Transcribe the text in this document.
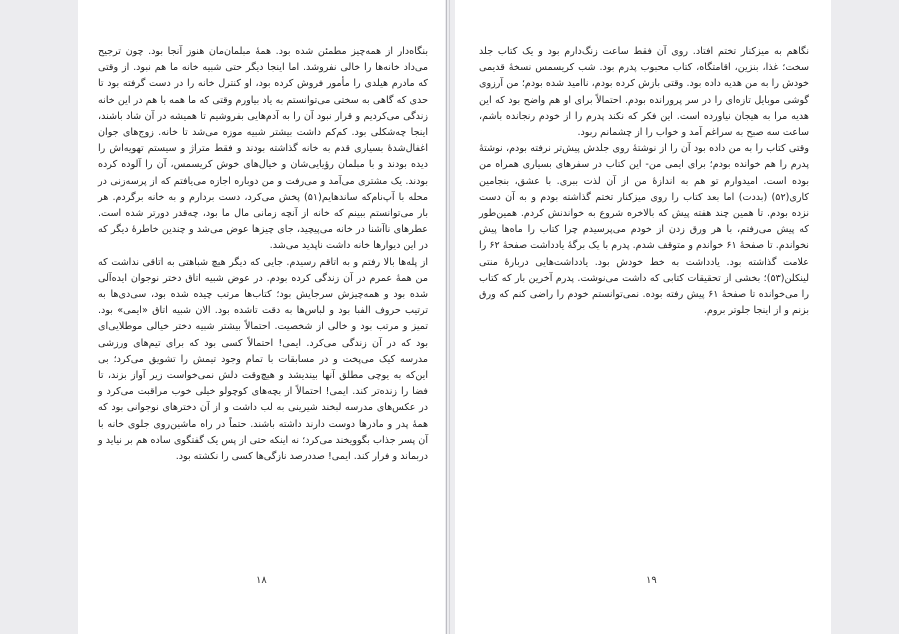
بنگاه‌دار از همه‌چیز مطمئن شده بود. همهٔ مبلمان‌مان هنوز آنجا بود. چون ترجیح می‌داد خانه‌ها را خالی نفروشد. اما اینجا دیگر حتی شبیه خانه ما هم نبود. از وقتی که مادرم هیلدی را مأمور فروش کرده بود، او کنترل خانه را در دست گرفته بود تا حدی که گاهی به سختی می‌توانستم به یاد بیاورم وقتی که ما همه با هم در این خانه زندگی می‌کردیم و قرار نبود آن را به آدم‌هایی بفروشیم تا همیشه در آن شاد باشند، اینجا چه‌شکلی بود. کم‌کم داشت بیشتر شبیه موزه می‌شد تا خانه. زوج‌های جوان اغفال‌شدهٔ بسیاری قدم به خانه گذاشته بودند و فقط متراژ و سیستم تهویه‌اش را دیده بودند و با مبلمان رؤیایی‌شان و خیال‌های خوش کریسمس، آن را آلوده کرده بودند. یک مشتری می‌آمد و می‌رفت و من دوباره اجازه می‌یافتم که از پرسه‌زنی در محله با آپ‌نام‌که ساندهایم(۵۱) پخش می‌کرد، دست بردارم و به خانه برگردم. هر بار می‌توانستم ببینم که خانه از آنچه زمانی مال ما بود، چه‌قدر دورتر شده است. عطرهای ناآشنا در خانه می‌پیچید، جای چیزها عوض می‌شد و چندین خاطرهٔ دیگر که در این دیوارها خانه داشت ناپدید می‌شد.

از پله‌ها بالا رفتم و به اتاقم رسیدم. جایی که دیگر هیچ شباهتی به اتاقی نداشت که من همهٔ عمرم در آن زندگی کرده بودم. در عوض شبیه اتاق دختر نوجوان ایده‌آلی شده بود و همه‌چیزش سرجایش بود؛ کتاب‌ها مرتب چیده شده بود، سی‌دی‌ها به ترتیب حروف الفبا بود و لباس‌ها به دقت تاشده بود. الان شبیه اتاق «ایمی» بود. تمیز و مرتب بود و خالی از شخصیت. احتمالاً بیشتر شبیه دختر خیالی موطلایی‌ای بود که در آن زندگی می‌کرد. ایمی! احتمالاً کسی بود که برای تیم‌های ورزشی مدرسه کیک می‌پخت و در مسابقات با تمام وجود تیمش را تشویق می‌کرد؛ بی این‌که به یوچی مطلق آنها بیندیشد و هیچ‌وقت دلش نمی‌خواست زیر آواز بزند، تا فضا را زنده‌تر کند. ایمی! احتمالاً از بچه‌های کوچولو خیلی خوب مراقبت می‌کرد و در عکس‌های مدرسه لبخند شیرینی به لب داشت و از آن دخترهای نوجوانی بود که همهٔ پدر و مادرها دوست دارند داشته باشند. حتماً در راه ماشین‌روی جلوی خانه با آن پسر جذاب بگوویخند می‌کرد؛ نه اینکه حتی از پس یک گفتگوی ساده هم بر نیاید و دربماند و فرار کند. ایمی! صددرصد نازگی‌ها کسی را نکشته بود.

۱۸

نگاهم به میزکنار تختم افتاد. روی آن فقط ساعت زنگ‌دارم بود و یک کتاب جلد سخت؛ غذا، بنزین، اقامتگاه، کتاب محبوب پدرم بود. شب کریسمس نسخهٔ قدیمی خودش را به من هدیه داده بود. وقتی بازش کرده بودم، ناامید شده بودم؛ من آرزوی گوشی موبایل تازه‌ای را در سر پرورانده بودم. احتمالاً برای او هم واضح بود که این هدیه مرا به هیجان نیاورده است. این فکر که نکند پدرم را از خودم رنجانده باشم، ساعت سه صبح به سراغم آمد و خواب را از چشمانم ربود.

وقتی کتاب را به من داده بود آن را از نوشتهٔ روی جلدش پیش‌تر نرفته بودم، نوشتهٔ پدرم را هم خوانده بودم؛ برای ایمی من- این کتاب در سفرهای بسیاری همراه من بوده است. امیدوارم تو هم به اندازهٔ من از آن لذت ببری. با عشق، بنجامین کاری(۵۲) (بددت) اما بعد کتاب را روی میزکنار تختم گذاشته بودم و به آن دست نزده بودم. تا همین چند هفته پیش که بالاخره شروع به خواندنش کردم. همین‌طور که پیش می‌رفتم، با هر ورق زدن از خودم می‌پرسیدم چرا کتاب را ماه‌ها پیش نخواندم. تا صفحهٔ ۶۱ خواندم و متوقف شدم. پدرم با یک برگهٔ یادداشت صفحهٔ ۶۲ را علامت گذاشته بود. یادداشت به خط خودش بود. یادداشت‌هایی دربارهٔ منتی لینکلن(۵۳)؛ بخشی از تحقیقات کتابی که داشت می‌نوشت. پدرم آخرین بار که کتاب را می‌خوانده تا صفحهٔ ۶۱ پیش رفته بوده. نمی‌توانستم خودم را راضی کنم که ورق بزنم و از اینجا جلوتر بروم.

۱۹
